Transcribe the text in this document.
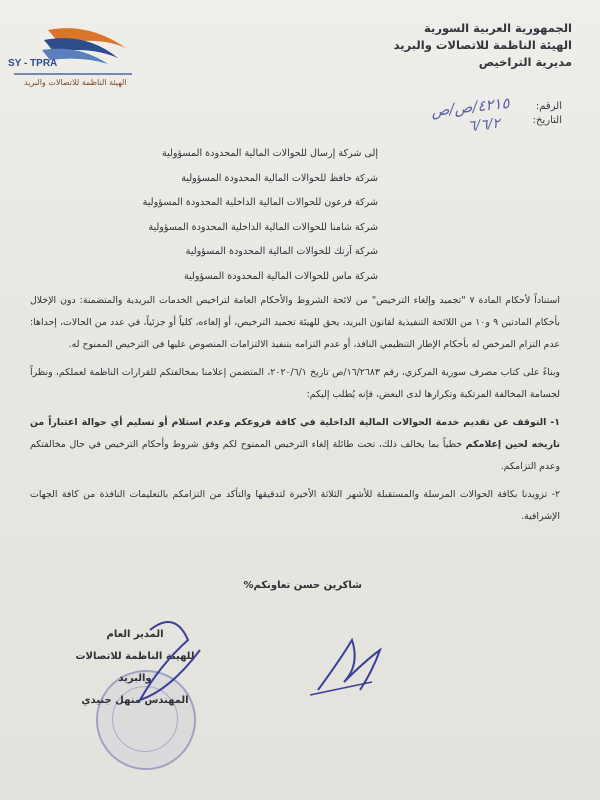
SY - TPRA
الهيئة الناظمة للاتصالات والبريد
الجمهورية العربية السورية
الهيئة الناظمة للاتصالات والبريد
مديرية التراخيص
الرقم:
التاريخ:
٤٢١٥/ص/ص
٦/٦/٢
إلى شركة إرسال للحوالات المالية المحدودة المسؤولية
شركة حافظ للحوالات المالية المحدودة المسؤولية
شركة فرعون للحوالات المالية الداخلية المحدودة المسؤولية
شركة شامنا للحوالات المالية الداخلية المحدودة المسؤولية
شركة آرتك للحوالات المالية المحدودة المسؤولية
شركة ماس للحوالات المالية المحدودة المسؤولية

استناداً لأحكام المادة ٧ "تجميد وإلغاء الترخيص" من لائحة الشروط والأحكام العامة لتراخيص الخدمات البريدية والمتضمنة: دون الإخلال بأحكام المادتين ٩ و١٠ من اللائحة التنفيذية لقانون البريد، يحق للهيئة تجميد الترخيص، أو إلغاءه، كلياً أو جزئياً، في عدد من الحالات، إحداها: عدم التزام المرخص له بأحكام الإطار التنظيمي النافذ، أو عدم التزامه بتنفيذ الالتزامات المنصوص عليها في الترخيص الممنوح له.

وبناءً على كتاب مصرف سورية المركزي، رقم ١٦/٢٦٨٣/ص تاريخ ٢٠٢٠/٦/١، المتضمن إعلامنا بمخالفتكم للقرارات الناظمة لعملكم، ونظراً لجسامة المخالفة المرتكبة وتكرارها لدى البعض، فإنه يُطلب إليكم:

١- التوقف عن تقديم خدمة الحوالات المالية الداخلية في كافة فروعكم وعدم استلام أو تسليم أي حوالة اعتباراً من تاريخه لحين إعلامكم خطياً بما يخالف ذلك، تحت طائلة إلغاء الترخيص الممنوح لكم وفق شروط وأحكام الترخيص في حال مخالفتكم وعدم التزامكم.
٢- تزويدنا بكافة الحوالات المرسلة والمستقبلة للأشهر الثلاثة الأخيرة لتدقيقها والتأكد من التزامكم بالتعليمات النافذة من كافة الجهات الإشرافية.
شاكرين حسن تعاونكم%
المدير العام
للهيئة الناظمة للاتصالات والبريد
المهندس منهل جنيدي
